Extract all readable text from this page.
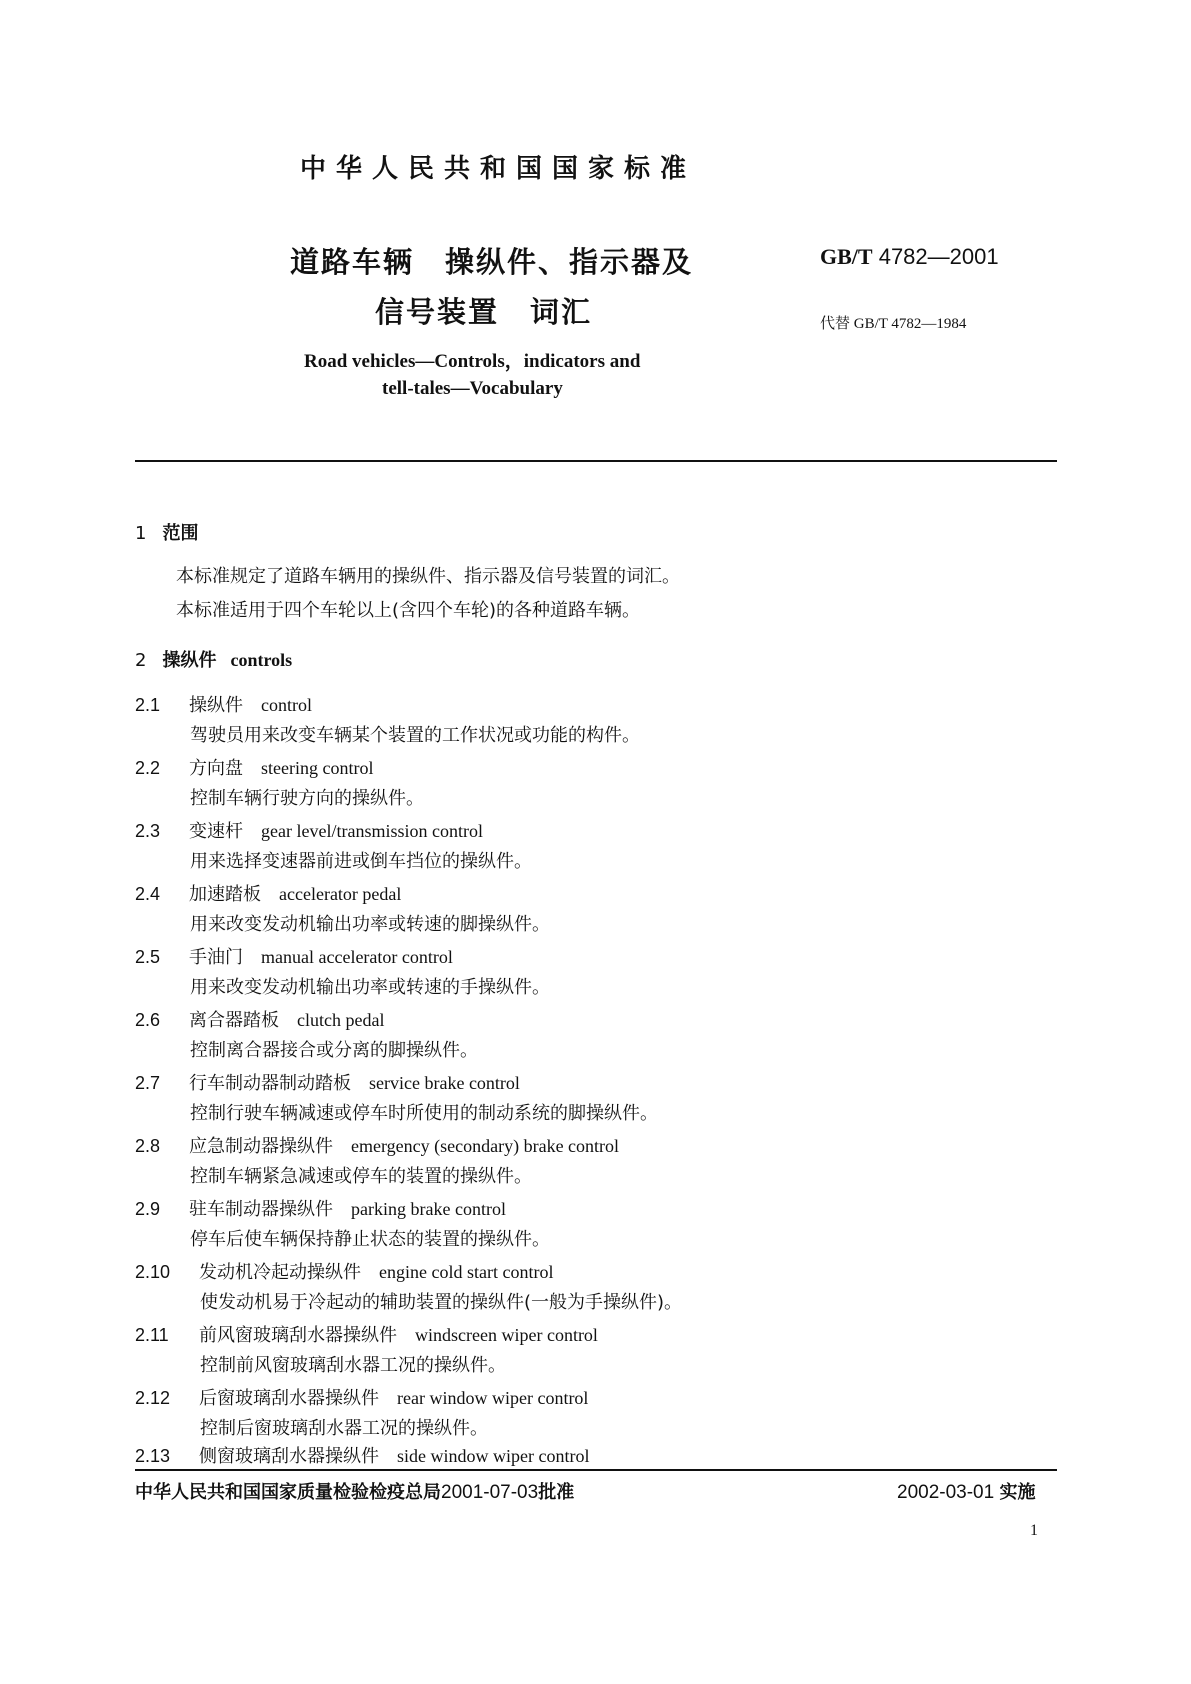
中华人民共和国国家标准
道路车辆　操纵件、指示器及
信号装置　词汇
GB/T 4782—2001
代替 GB/T 4782—1984
Road vehicles—Controls，indicators and
tell-tales—Vocabulary
1 范围
本标准规定了道路车辆用的操纵件、指示器及信号装置的词汇。
本标准适用于四个车轮以上(含四个车轮)的各种道路车辆。
2 操纵件 controls
2.1 操纵件 control
驾驶员用来改变车辆某个装置的工作状况或功能的构件。
2.2 方向盘 steering control
控制车辆行驶方向的操纵件。
2.3 变速杆 gear level/transmission control
用来选择变速器前进或倒车挡位的操纵件。
2.4 加速踏板 accelerator pedal
用来改变发动机输出功率或转速的脚操纵件。
2.5 手油门 manual accelerator control
用来改变发动机输出功率或转速的手操纵件。
2.6 离合器踏板 clutch pedal
控制离合器接合或分离的脚操纵件。
2.7 行车制动器制动踏板 service brake control
控制行驶车辆减速或停车时所使用的制动系统的脚操纵件。
2.8 应急制动器操纵件 emergency (secondary) brake control
控制车辆紧急减速或停车的装置的操纵件。
2.9 驻车制动器操纵件 parking brake control
停车后使车辆保持静止状态的装置的操纵件。
2.10 发动机冷起动操纵件 engine cold start control
使发动机易于冷起动的辅助装置的操纵件(一般为手操纵件)。
2.11 前风窗玻璃刮水器操纵件 windscreen wiper control
控制前风窗玻璃刮水器工况的操纵件。
2.12 后窗玻璃刮水器操纵件 rear window wiper control
控制后窗玻璃刮水器工况的操纵件。
2.13 侧窗玻璃刮水器操纵件 side window wiper control
中华人民共和国国家质量检验检疫总局2001-07-03批准	2002-03-01 实施
1
